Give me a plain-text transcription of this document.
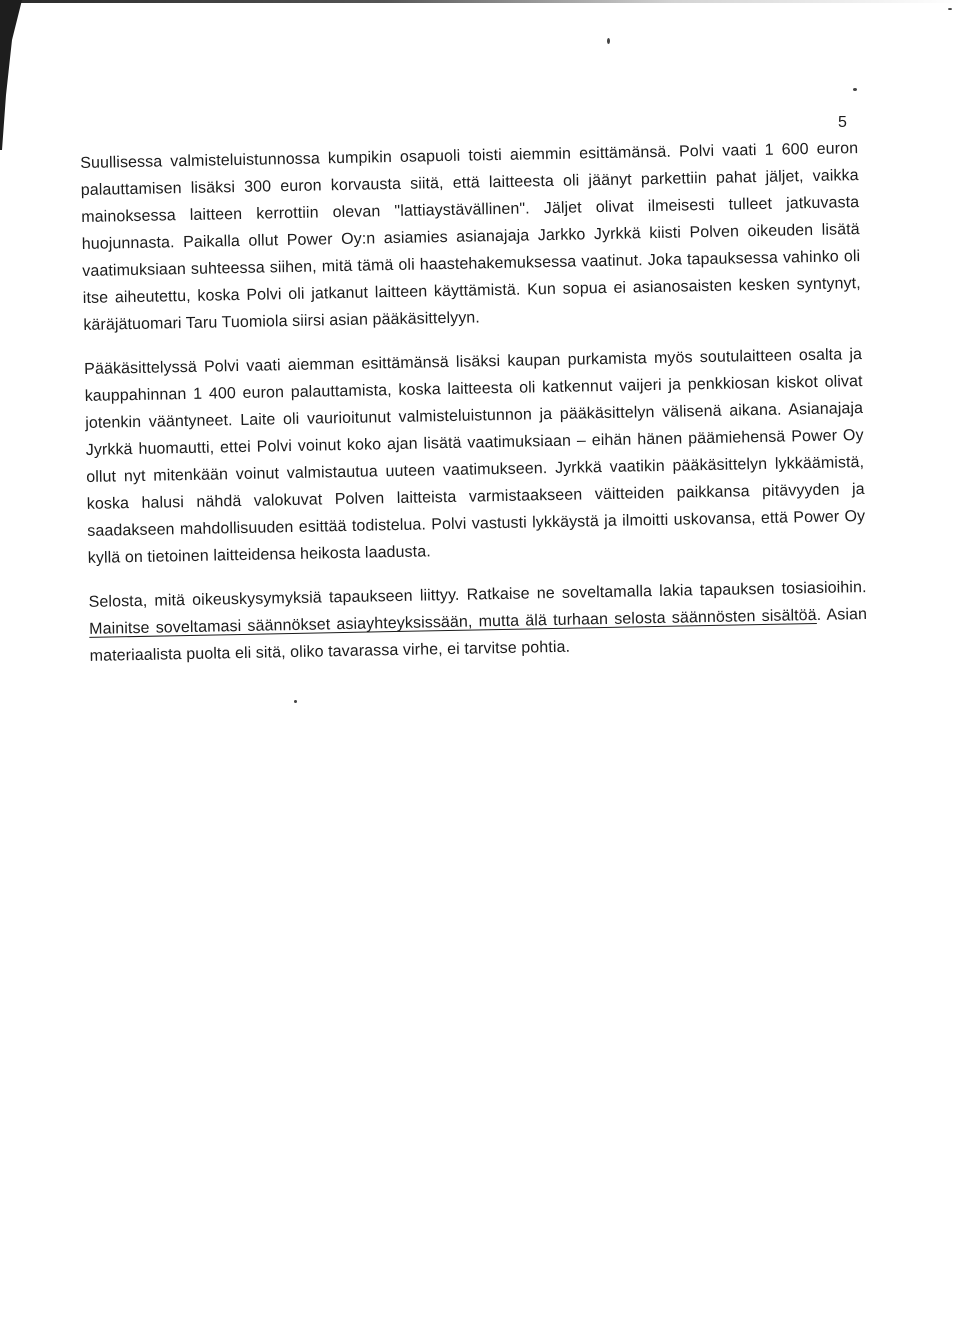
5

Suullisessa valmisteluistunnossa kumpikin osapuoli toisti aiemmin esittämänsä. Polvi vaati 1 600 euron palauttamisen lisäksi 300 euron korvausta siitä, että laitteesta oli jäänyt parkettiin pahat jäljet, vaikka mainoksessa laitteen kerrottiin olevan "lattiaystävällinen". Jäljet olivat ilmeisesti tulleet jatkuvasta huojunnasta. Paikalla ollut Power Oy:n asiamies asianajaja Jarkko Jyrkkä kiisti Polven oikeuden lisätä vaatimuksiaan suhteessa siihen, mitä tämä oli haastehakemuksessa vaatinut. Joka tapauksessa vahinko oli itse aiheutettu, koska Polvi oli jatkanut laitteen käyttämistä. Kun sopua ei asianosaisten kesken syntynyt, käräjätuomari Taru Tuomiola siirsi asian pääkäsittelyyn.

Pääkäsittelyssä Polvi vaati aiemman esittämänsä lisäksi kaupan purkamista myös soutulaitteen osalta ja kauppahinnan 1 400 euron palauttamista, koska laitteesta oli katkennut vaijeri ja penkkiosan kiskot olivat jotenkin vääntyneet. Laite oli vaurioitunut valmisteluistunnon ja pääkäsittelyn välisenä aikana. Asianajaja Jyrkkä huomautti, ettei Polvi voinut koko ajan lisätä vaatimuksiaan – eihän hänen päämiehensä Power Oy ollut nyt mitenkään voinut valmistautua uuteen vaatimukseen. Jyrkkä vaatikin pääkäsittelyn lykkäämistä, koska halusi nähdä valokuvat Polven laitteista varmistaakseen väitteiden paikkansa pitävyyden ja saadakseen mahdollisuuden esittää todistelua. Polvi vastusti lykkäystä ja ilmoitti uskovansa, että Power Oy kyllä on tietoinen laitteidensa heikosta laadusta.

Selosta, mitä oikeuskysymyksiä tapaukseen liittyy. Ratkaise ne soveltamalla lakia tapauksen tosiasioihin. Mainitse soveltamasi säännökset asiayhteyksissään, mutta älä turhaan selosta säännösten sisältöä. Asian materiaalista puolta eli sitä, oliko tavarassa virhe, ei tarvitse pohtia.
